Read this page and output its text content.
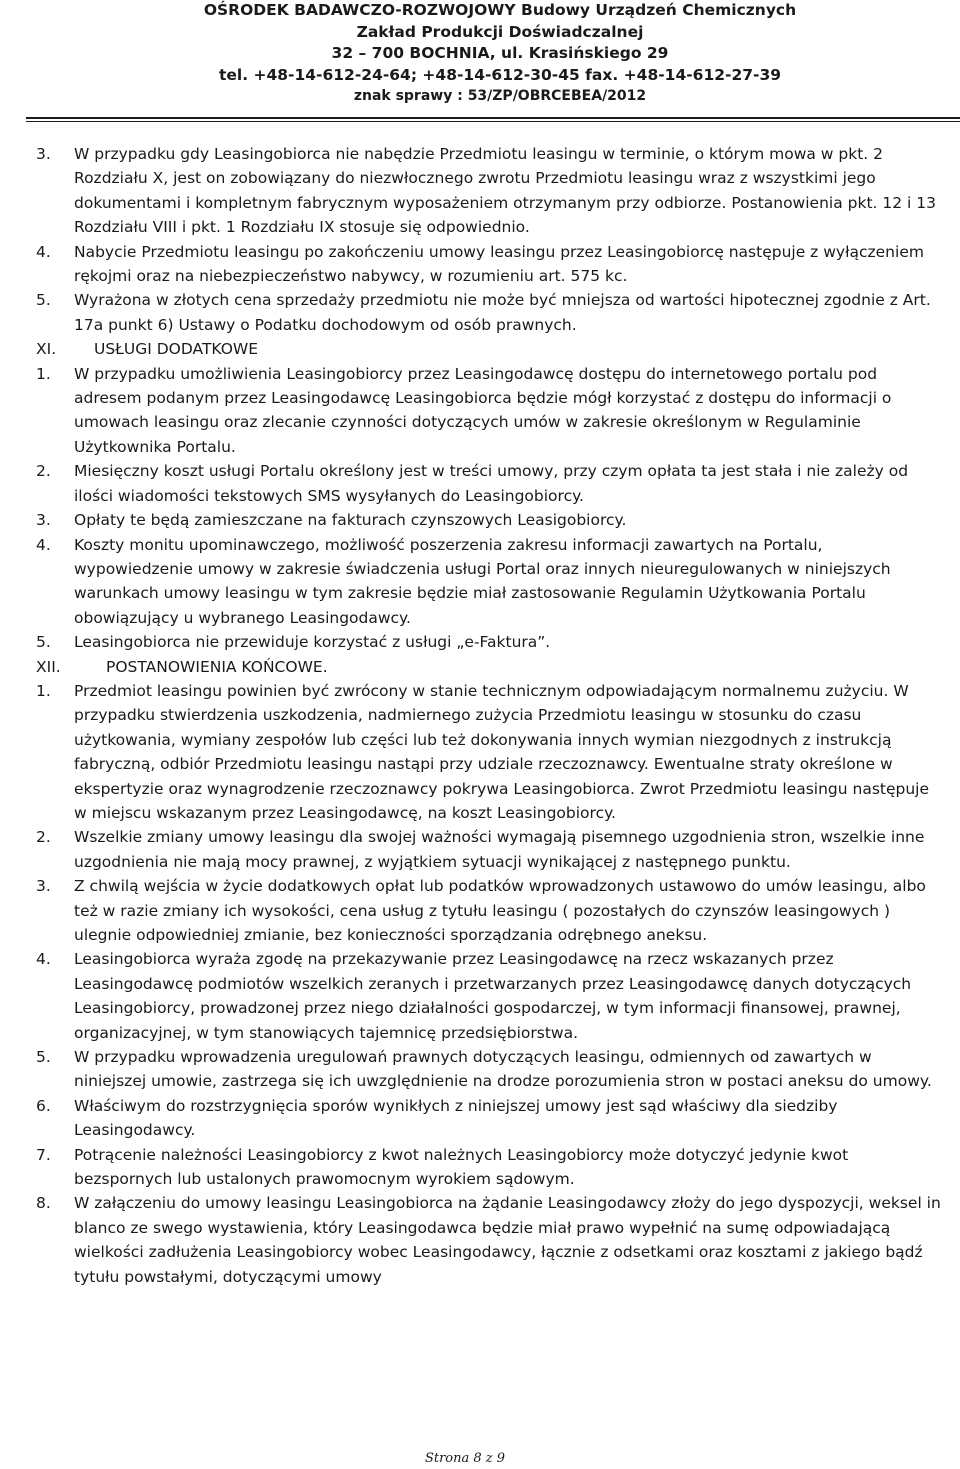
OŚRODEK BADAWCZO-ROZWOJOWY Budowy Urządzeń Chemicznych
Zakład Produkcji Doświadczalnej
32 – 700 BOCHNIA, ul. Krasińskiego 29
tel. +48-14-612-24-64; +48-14-612-30-45 fax. +48-14-612-27-39
znak sprawy : 53/ZP/OBRCEBEA/2012
3. W przypadku gdy Leasingobiorca nie nabędzie Przedmiotu leasingu w terminie, o którym mowa w pkt. 2 Rozdziału X, jest on zobowiązany do niezwłocznego zwrotu Przedmiotu leasingu wraz z wszystkimi jego dokumentami i kompletnym fabrycznym wyposażeniem otrzymanym przy odbiorze. Postanowienia pkt. 12 i 13 Rozdziału VIII i pkt. 1 Rozdziału IX stosuje się odpowiednio.
4. Nabycie Przedmiotu leasingu po zakończeniu umowy leasingu przez Leasingobiorcę następuje z wyłączeniem rękojmi oraz na niebezpieczeństwo nabywcy, w rozumieniu art. 575 kc.
5. Wyrażona w złotych cena sprzedaży przedmiotu nie może być mniejsza od wartości hipotecznej zgodnie z Art. 17a punkt 6) Ustawy o Podatku dochodowym od osób prawnych.
XI. USŁUGI DODATKOWE
1. W przypadku umożliwienia Leasingobiorcy przez Leasingodawcę dostępu do internetowego portalu pod adresem podanym przez Leasingodawcę Leasingobiorca będzie mógł korzystać z dostępu do informacji o umowach leasingu oraz zlecanie czynności dotyczących umów w zakresie określonym w Regulaminie Użytkownika Portalu.
2. Miesięczny koszt usługi Portalu określony jest w treści umowy, przy czym opłata ta jest stała i nie zależy od ilości wiadomości tekstowych SMS wysyłanych do Leasingobiorcy.
3. Opłaty te będą zamieszczane na fakturach czynszowych Leasigobiorcy.
4. Koszty monitu upominawczego, możliwość poszerzenia zakresu informacji zawartych na Portalu, wypowiedzenie umowy w zakresie świadczenia usługi Portal oraz innych nieuregulowanych w niniejszych warunkach umowy leasingu w tym zakresie będzie miał zastosowanie Regulamin Użytkowania Portalu obowiązujący u wybranego Leasingodawcy.
5. Leasingobiorca nie przewiduje korzystać z usługi „e-Faktura”.
XII.	POSTANOWIENIA KOŃCOWE.
1. Przedmiot leasingu powinien być zwrócony w stanie technicznym odpowiadającym normalnemu zużyciu. W przypadku stwierdzenia uszkodzenia, nadmiernego zużycia Przedmiotu leasingu w stosunku do czasu użytkowania, wymiany zespołów lub części lub też dokonywania innych wymian niezgodnych z instrukcją fabryczną, odbiór Przedmiotu leasingu nastąpi przy udziale rzeczoznawcy. Ewentualne straty określone w ekspertyzie oraz wynagrodzenie rzeczoznawcy pokrywa Leasingobiorca. Zwrot Przedmiotu leasingu następuje w miejscu wskazanym przez Leasingodawcę, na koszt Leasingobiorcy.
2. Wszelkie zmiany umowy leasingu dla swojej ważności wymagają pisemnego uzgodnienia stron, wszelkie inne uzgodnienia nie mają mocy prawnej, z wyjątkiem sytuacji wynikającej z następnego punktu.
3. Z chwilą wejścia w życie dodatkowych opłat lub podatków wprowadzonych ustawowo do umów leasingu, albo też w razie zmiany ich wysokości, cena usług z tytułu leasingu ( pozostałych do czynszów leasingowych ) ulegnie odpowiedniej zmianie, bez konieczności sporządzania odrębnego aneksu.
4. Leasingobiorca wyraża zgodę na przekazywanie przez Leasingodawcę na rzecz wskazanych przez Leasingodawcę podmiotów wszelkich zeranych i przetwarzanych przez Leasingodawcę danych dotyczących Leasingobiorcy, prowadzonej przez niego działalności gospodarczej, w tym informacji finansowej, prawnej, organizacyjnej, w tym stanowiących tajemnicę przedsiębiorstwa.
5. W przypadku wprowadzenia uregulowań prawnych dotyczących leasingu, odmiennych od zawartych w niniejszej umowie, zastrzega się ich uwzględnienie na drodze porozumienia stron w postaci aneksu do umowy.
6. Właściwym do rozstrzygnięcia sporów wynikłych z niniejszej umowy jest sąd właściwy dla siedziby Leasingodawcy.
7. Potrącenie należności Leasingobiorcy z kwot należnych Leasingobiorcy może dotyczyć jedynie kwot bezspornych lub ustalonych prawomocnym wyrokiem sądowym.
8. W załączeniu do umowy leasingu Leasingobiorca na żądanie Leasingodawcy złoży do jego dyspozycji, weksel in blanco ze swego wystawienia, który Leasingodawca będzie miał prawo wypełnić na sumę odpowiadającą wielkości zadłużenia Leasingobiorcy wobec Leasingodawcy, łącznie z odsetkami oraz kosztami z jakiego bądź tytułu powstałymi, dotyczącymi umowy
Strona 8 z 9
